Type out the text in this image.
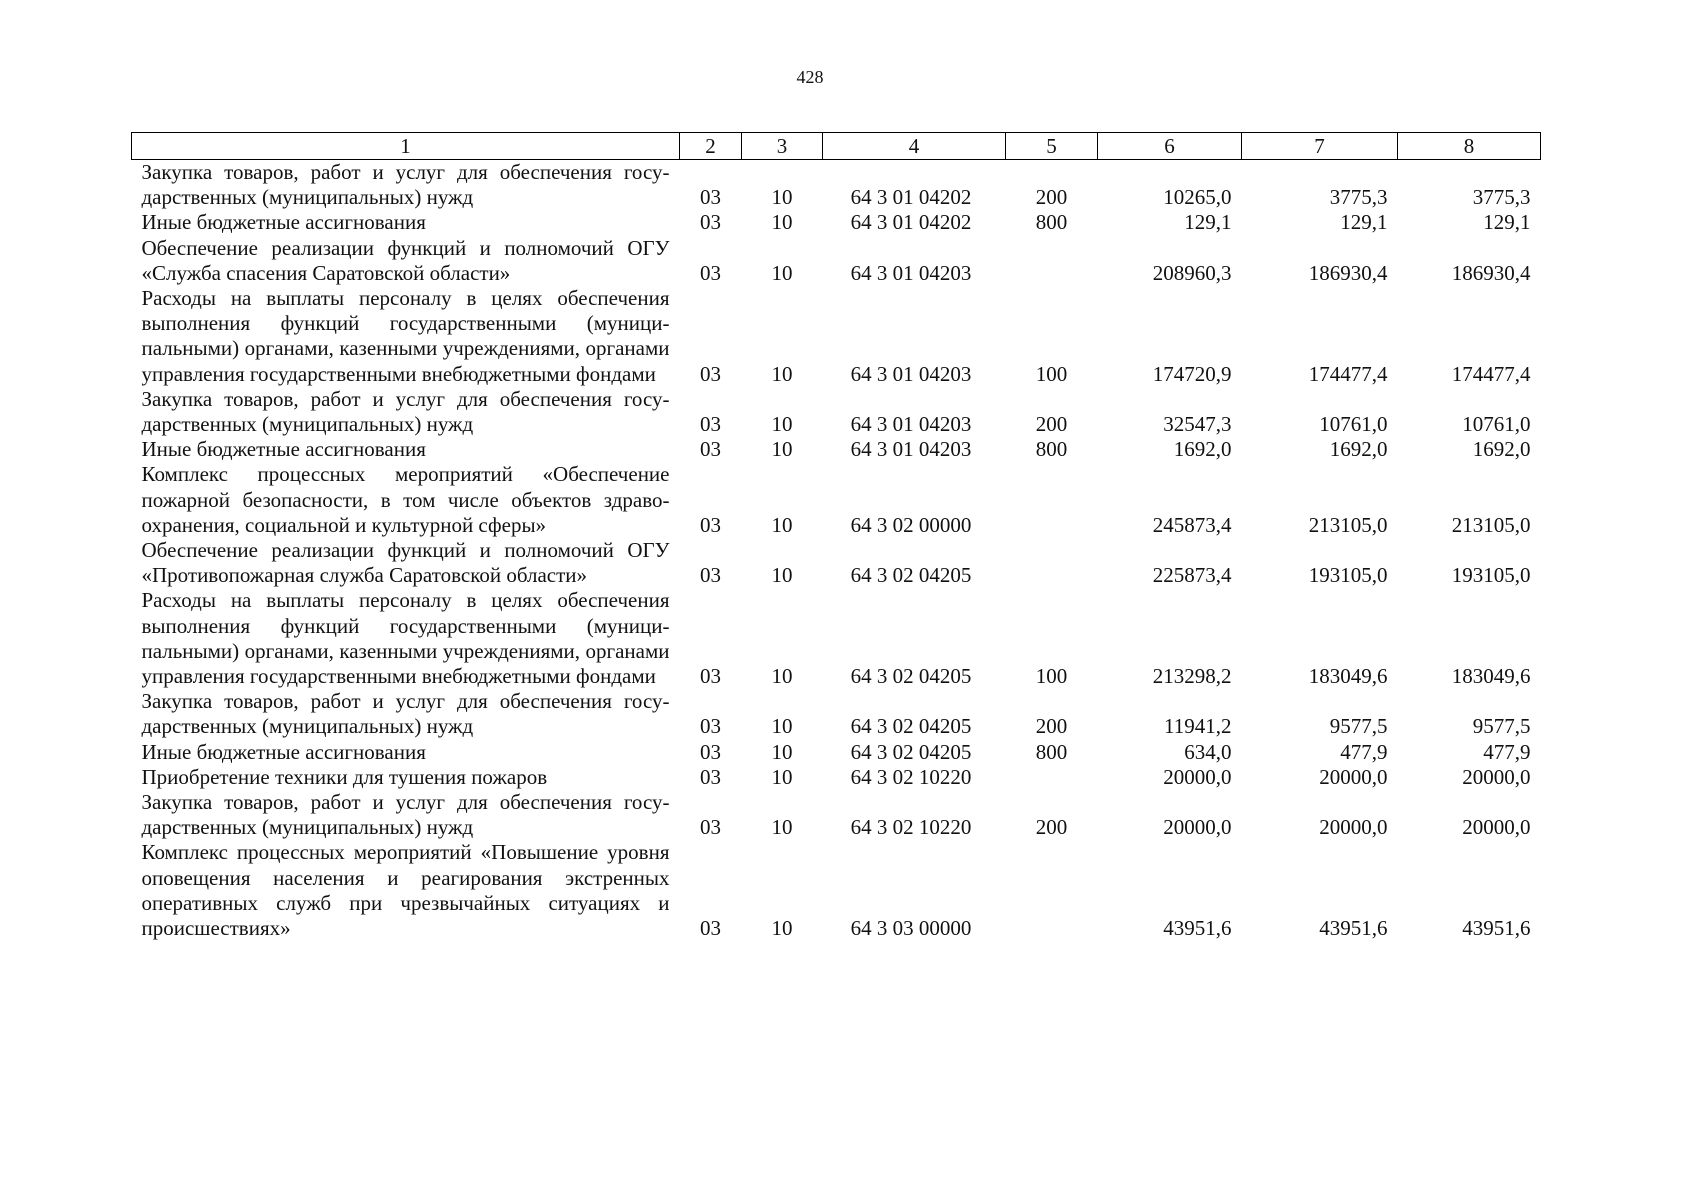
428
1	2	3	4	5	6	7	8
Закупка товаров, работ и услуг для обеспечения государственных (муниципальных) нужд	03	10	64 3 01 04202	200	10265,0	3775,3	3775,3
Иные бюджетные ассигнования	03	10	64 3 01 04202	800	129,1	129,1	129,1
Обеспечение реализации функций и полномочий ОГУ «Служба спасения Саратовской области»	03	10	64 3 01 04203		208960,3	186930,4	186930,4
Расходы на выплаты персоналу в целях обеспечения выполнения функций государственными (муниципальными) органами, казенными учреждениями, органами управления государственными внебюджетными фондами	03	10	64 3 01 04203	100	174720,9	174477,4	174477,4
Закупка товаров, работ и услуг для обеспечения государственных (муниципальных) нужд	03	10	64 3 01 04203	200	32547,3	10761,0	10761,0
Иные бюджетные ассигнования	03	10	64 3 01 04203	800	1692,0	1692,0	1692,0
Комплекс процессных мероприятий «Обеспечение пожарной безопасности, в том числе объектов здравоохранения, социальной и культурной сферы»	03	10	64 3 02 00000		245873,4	213105,0	213105,0
Обеспечение реализации функций и полномочий ОГУ «Противопожарная служба Саратовской области»	03	10	64 3 02 04205		225873,4	193105,0	193105,0
Расходы на выплаты персоналу в целях обеспечения выполнения функций государственными (муниципальными) органами, казенными учреждениями, органами управления государственными внебюджетными фондами	03	10	64 3 02 04205	100	213298,2	183049,6	183049,6
Закупка товаров, работ и услуг для обеспечения государственных (муниципальных) нужд	03	10	64 3 02 04205	200	11941,2	9577,5	9577,5
Иные бюджетные ассигнования	03	10	64 3 02 04205	800	634,0	477,9	477,9
Приобретение техники для тушения пожаров	03	10	64 3 02 10220		20000,0	20000,0	20000,0
Закупка товаров, работ и услуг для обеспечения государственных (муниципальных) нужд	03	10	64 3 02 10220	200	20000,0	20000,0	20000,0
Комплекс процессных мероприятий «Повышение уровня оповещения населения и реагирования экстренных оперативных служб при чрезвычайных ситуациях и происшествиях»	03	10	64 3 03 00000		43951,6	43951,6	43951,6
